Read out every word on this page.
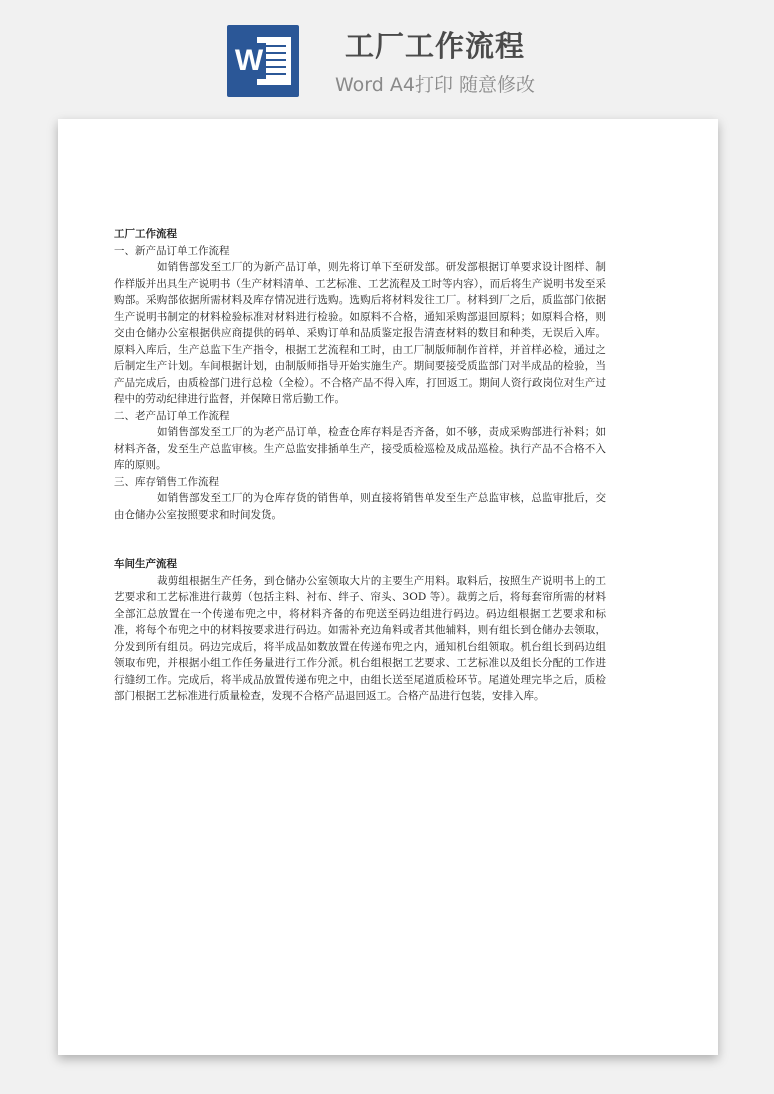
W	工厂工作流程
Word A4打印 随意修改
工厂工作流程
一、新产品订单工作流程
如销售部发至工厂的为新产品订单，则先将订单下至研发部。研发部根据订单要求设计图样、制作样版并出具生产说明书（生产材料清单、工艺标准、工艺流程及工时等内容），而后将生产说明书发至采购部。采购部依据所需材料及库存情况进行选购。选购后将材料发往工厂。材料到厂之后，质监部门依据生产说明书制定的材料检验标准对材料进行检验。如原料不合格，通知采购部退回原料；如原料合格，则交由仓储办公室根据供应商提供的码单、采购订单和品质鉴定报告清查材料的数目和种类，无误后入库。原料入库后，生产总监下生产指令，根据工艺流程和工时，由工厂制版师制作首样，并首样必检，通过之后制定生产计划。车间根据计划，由制版师指导开始实施生产。期间要接受质监部门对半成品的检验，当产品完成后，由质检部门进行总检（全检）。不合格产品不得入库，打回返工。期间人资行政岗位对生产过程中的劳动纪律进行监督，并保障日常后勤工作。
二、老产品订单工作流程
如销售部发至工厂的为老产品订单，检查仓库存料是否齐备，如不够，责成采购部进行补料；如材料齐备，发至生产总监审核。生产总监安排插单生产，接受质检巡检及成品巡检。执行产品不合格不入库的原则。
三、库存销售工作流程
如销售部发至工厂的为仓库存货的销售单，则直接将销售单发至生产总监审核，总监审批后，交由仓储办公室按照要求和时间发货。
车间生产流程
裁剪组根据生产任务，到仓储办公室领取大片的主要生产用料。取料后，按照生产说明书上的工艺要求和工艺标准进行裁剪（包括主料、衬布、绊子、帘头、3OD 等）。裁剪之后，将每套帘所需的材料全部汇总放置在一个传递布兜之中，将材料齐备的布兜送至码边组进行码边。码边组根据工艺要求和标准，将每个布兜之中的材料按要求进行码边。如需补充边角料或者其他辅料，则有组长到仓储办去领取，分发到所有组员。码边完成后，将半成品如数放置在传递布兜之内，通知机台组领取。机台组长到码边组领取布兜，并根据小组工作任务量进行工作分派。机台组根据工艺要求、工艺标准以及组长分配的工作进行缝纫工作。完成后，将半成品放置传递布兜之中，由组长送至尾道质检环节。尾道处理完毕之后，质检部门根据工艺标准进行质量检查，发现不合格产品退回返工。合格产品进行包装，安排入库。
